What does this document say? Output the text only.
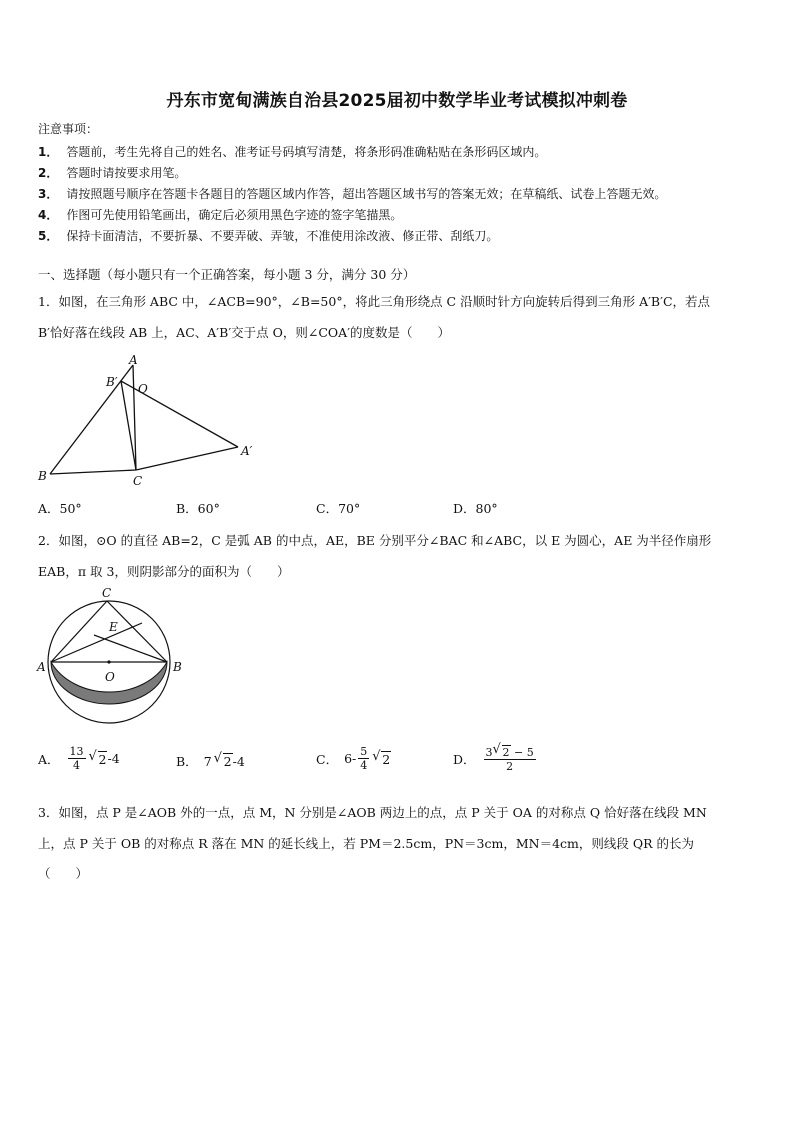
丹东市宽甸满族自治县2025届初中数学毕业考试模拟冲刺卷
注意事项：
1． 答题前，考生先将自己的姓名、准考证号码填写清楚，将条形码准确粘贴在条形码区域内。
2． 答题时请按要求用笔。
3． 请按照题号顺序在答题卡各题目的答题区域内作答，超出答题区域书写的答案无效；在草稿纸、试卷上答题无效。
4． 作图可先使用铅笔画出，确定后必须用黑色字迹的签字笔描黑。
5． 保持卡面清洁，不要折暴、不要弄破、弄皱，不准使用涂改液、修正带、刮纸刀。
一、选择题（每小题只有一个正确答案，每小题 3 分，满分 30 分）
1．如图，在三角形 ABC 中，∠ACB=90°，∠B=50°，将此三角形绕点 C 沿顺时针方向旋转后得到三角形 A′B′C，若点
B′恰好落在线段 AB 上，AC、A′B′交于点 O，则∠COA′的度数是（　　）
A
B′ O
A′
B	C
A．50°	B．60°	C．70°	D．80°
2．如图，⊙O 的直径 AB=2，C 是弧 AB 的中点，AE，BE 分别平分∠BAC 和∠ABC，以 E 为圆心，AE 为半径作扇形
EAB，π 取 3，则阴影部分的面积为（　　）
C
E
A	B
O
A． $\frac{13}{4}$ √ 2 -4	B． 7 √ 2 -4	C． $6- \frac{5}{4}$ √ 2	D． $\frac{3 √ 2 - 5}{2}$
3．如图，点 P 是∠AOB 外的一点，点 M，N 分别是∠AOB 两边上的点，点 P 关于 OA 的对称点 Q 恰好落在线段 MN
上，点 P 关于 OB 的对称点 R 落在 MN 的延长线上，若 PM＝2.5cm，PN＝3cm，MN＝4cm，则线段 QR 的长为
（　　）
